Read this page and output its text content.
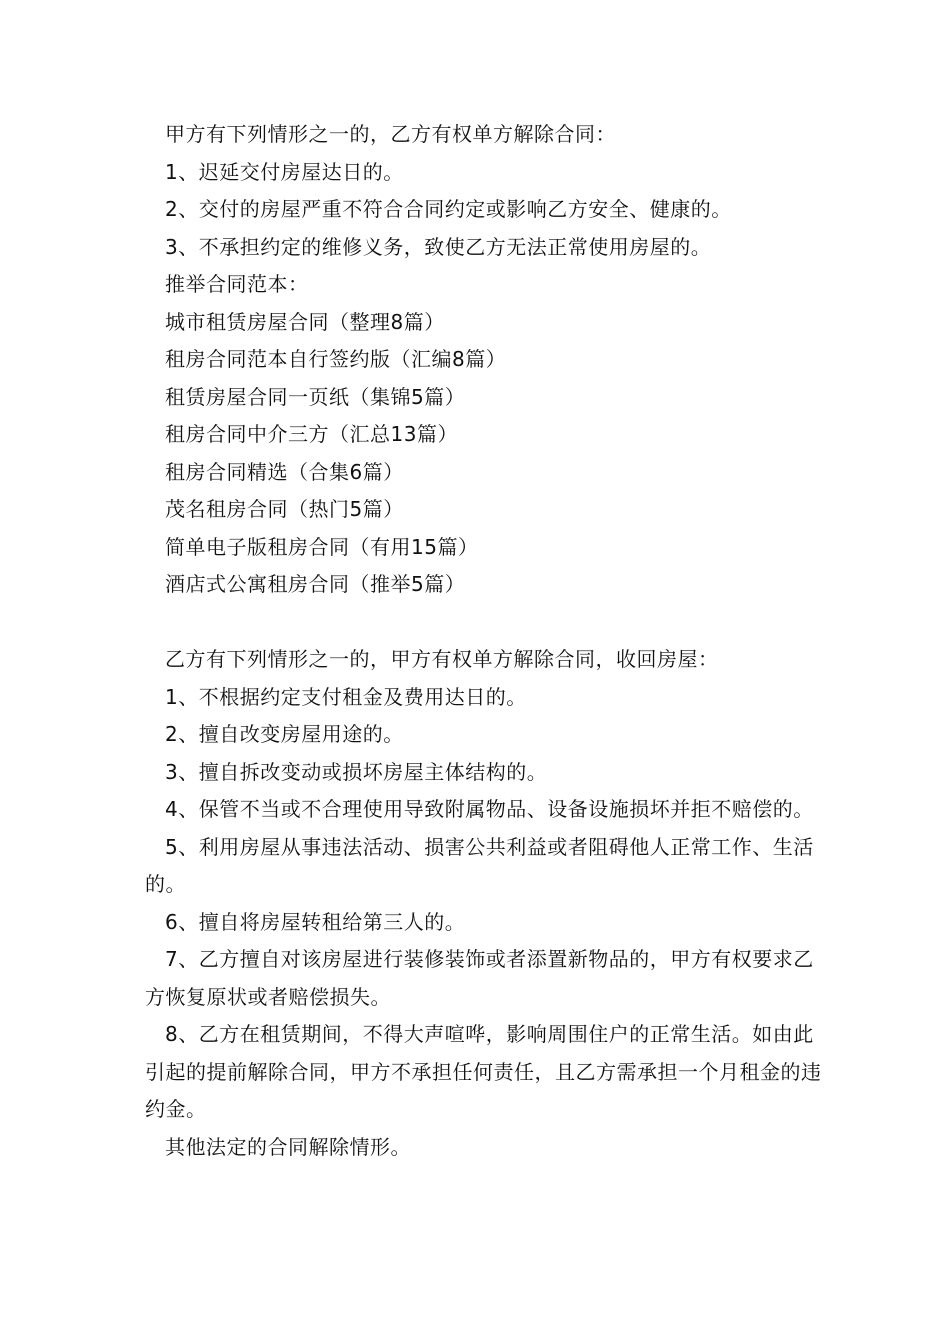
甲方有下列情形之一的，乙方有权单方解除合同：
1、迟延交付房屋达日的。
2、交付的房屋严重不符合合同约定或影响乙方安全、健康的。
3、不承担约定的维修义务，致使乙方无法正常使用房屋的。
推举合同范本：
城市租赁房屋合同（整理8篇）
租房合同范本自行签约版（汇编8篇）
租赁房屋合同一页纸（集锦5篇）
租房合同中介三方（汇总13篇）
租房合同精选（合集6篇）
茂名租房合同（热门5篇）
简单电子版租房合同（有用15篇）
酒店式公寓租房合同（推举5篇）
乙方有下列情形之一的，甲方有权单方解除合同，收回房屋：
1、不根据约定支付租金及费用达日的。
2、擅自改变房屋用途的。
3、擅自拆改变动或损坏房屋主体结构的。
4、保管不当或不合理使用导致附属物品、设备设施损坏并拒不赔偿的。
5、利用房屋从事违法活动、损害公共利益或者阻碍他人正常工作、生活的。
6、擅自将房屋转租给第三人的。
7、乙方擅自对该房屋进行装修装饰或者添置新物品的，甲方有权要求乙方恢复原状或者赔偿损失。
8、乙方在租赁期间，不得大声喧哗，影响周围住户的正常生活。如由此引起的提前解除合同，甲方不承担任何责任，且乙方需承担一个月租金的违约金。
其他法定的合同解除情形。
